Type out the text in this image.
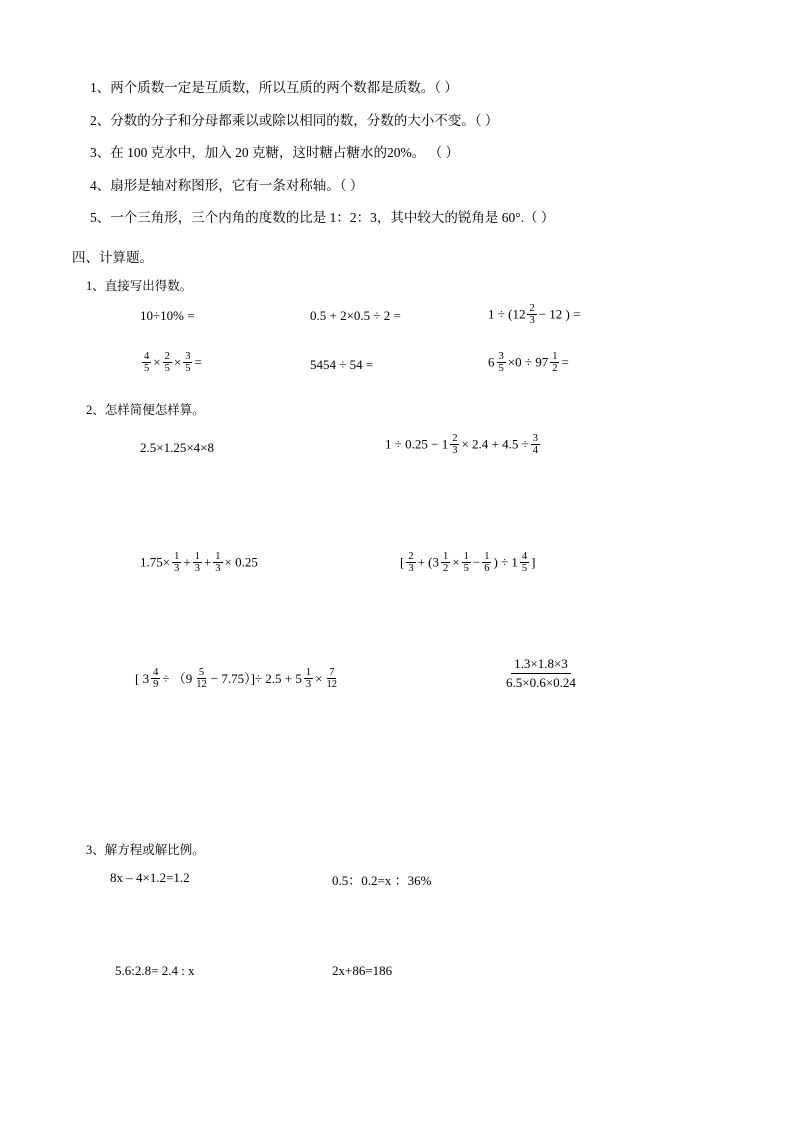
1、两个质数一定是互质数，所以互质的两个数都是质数。（ ）
2、分数的分子和分母都乘以或除以相同的数，分数的大小不变。（ ）
3、在 100 克水中，加入 20 克糖，这时糖占糖水的20%。 （ ）
4、扇形是轴对称图形，它有一条对称轴。（ ）
5、一个三角形，三个内角的度数的比是 1：2：3，其中较大的锐角是 60°.（ ）
四、计算题。
1、直接写出得数。
10÷10% =	0.5 + 2×0.5 ÷ 2 =	$1 \div (12 \frac{2}{3} - 12$ ) =
$\frac{4}{5} \times \frac{2}{5} \times \frac{3}{5}$ =	5454 ÷ 54 =	$6 \frac{3}{5} \times 0 \div 97 \frac{1}{2}$ =
2、怎样简便怎样算。
2.5×1.25×4×8	$1 \div 0.25 - 1 \frac{2}{3} \times 2.4 + 4.5 \div \frac{3}{4}$
$1.75\times \frac{1}{3} + \frac{1}{3} + \frac{1}{3} \times 0.25$	[ $\frac{2}{3} + (3 \frac{1}{2} \times \frac{1}{5} - \frac{1}{6}$ ) ÷ $1 \frac{4}{5}$ ]
[ $3 \frac{4}{9} \div (9 \frac{5}{12} - 7.75)]\div 2.5 + 5 \frac{1}{3} \times \frac{7}{12}$	$\frac{1.3\times 1.8\times 3}{6.5\times 0.6\times 0.24}$
3、解方程或解比例。
8x – 4×1.2=1.2	0.5：0.2=x ：36%
5.6:2.8= 2.4 : x	2x+86=186
